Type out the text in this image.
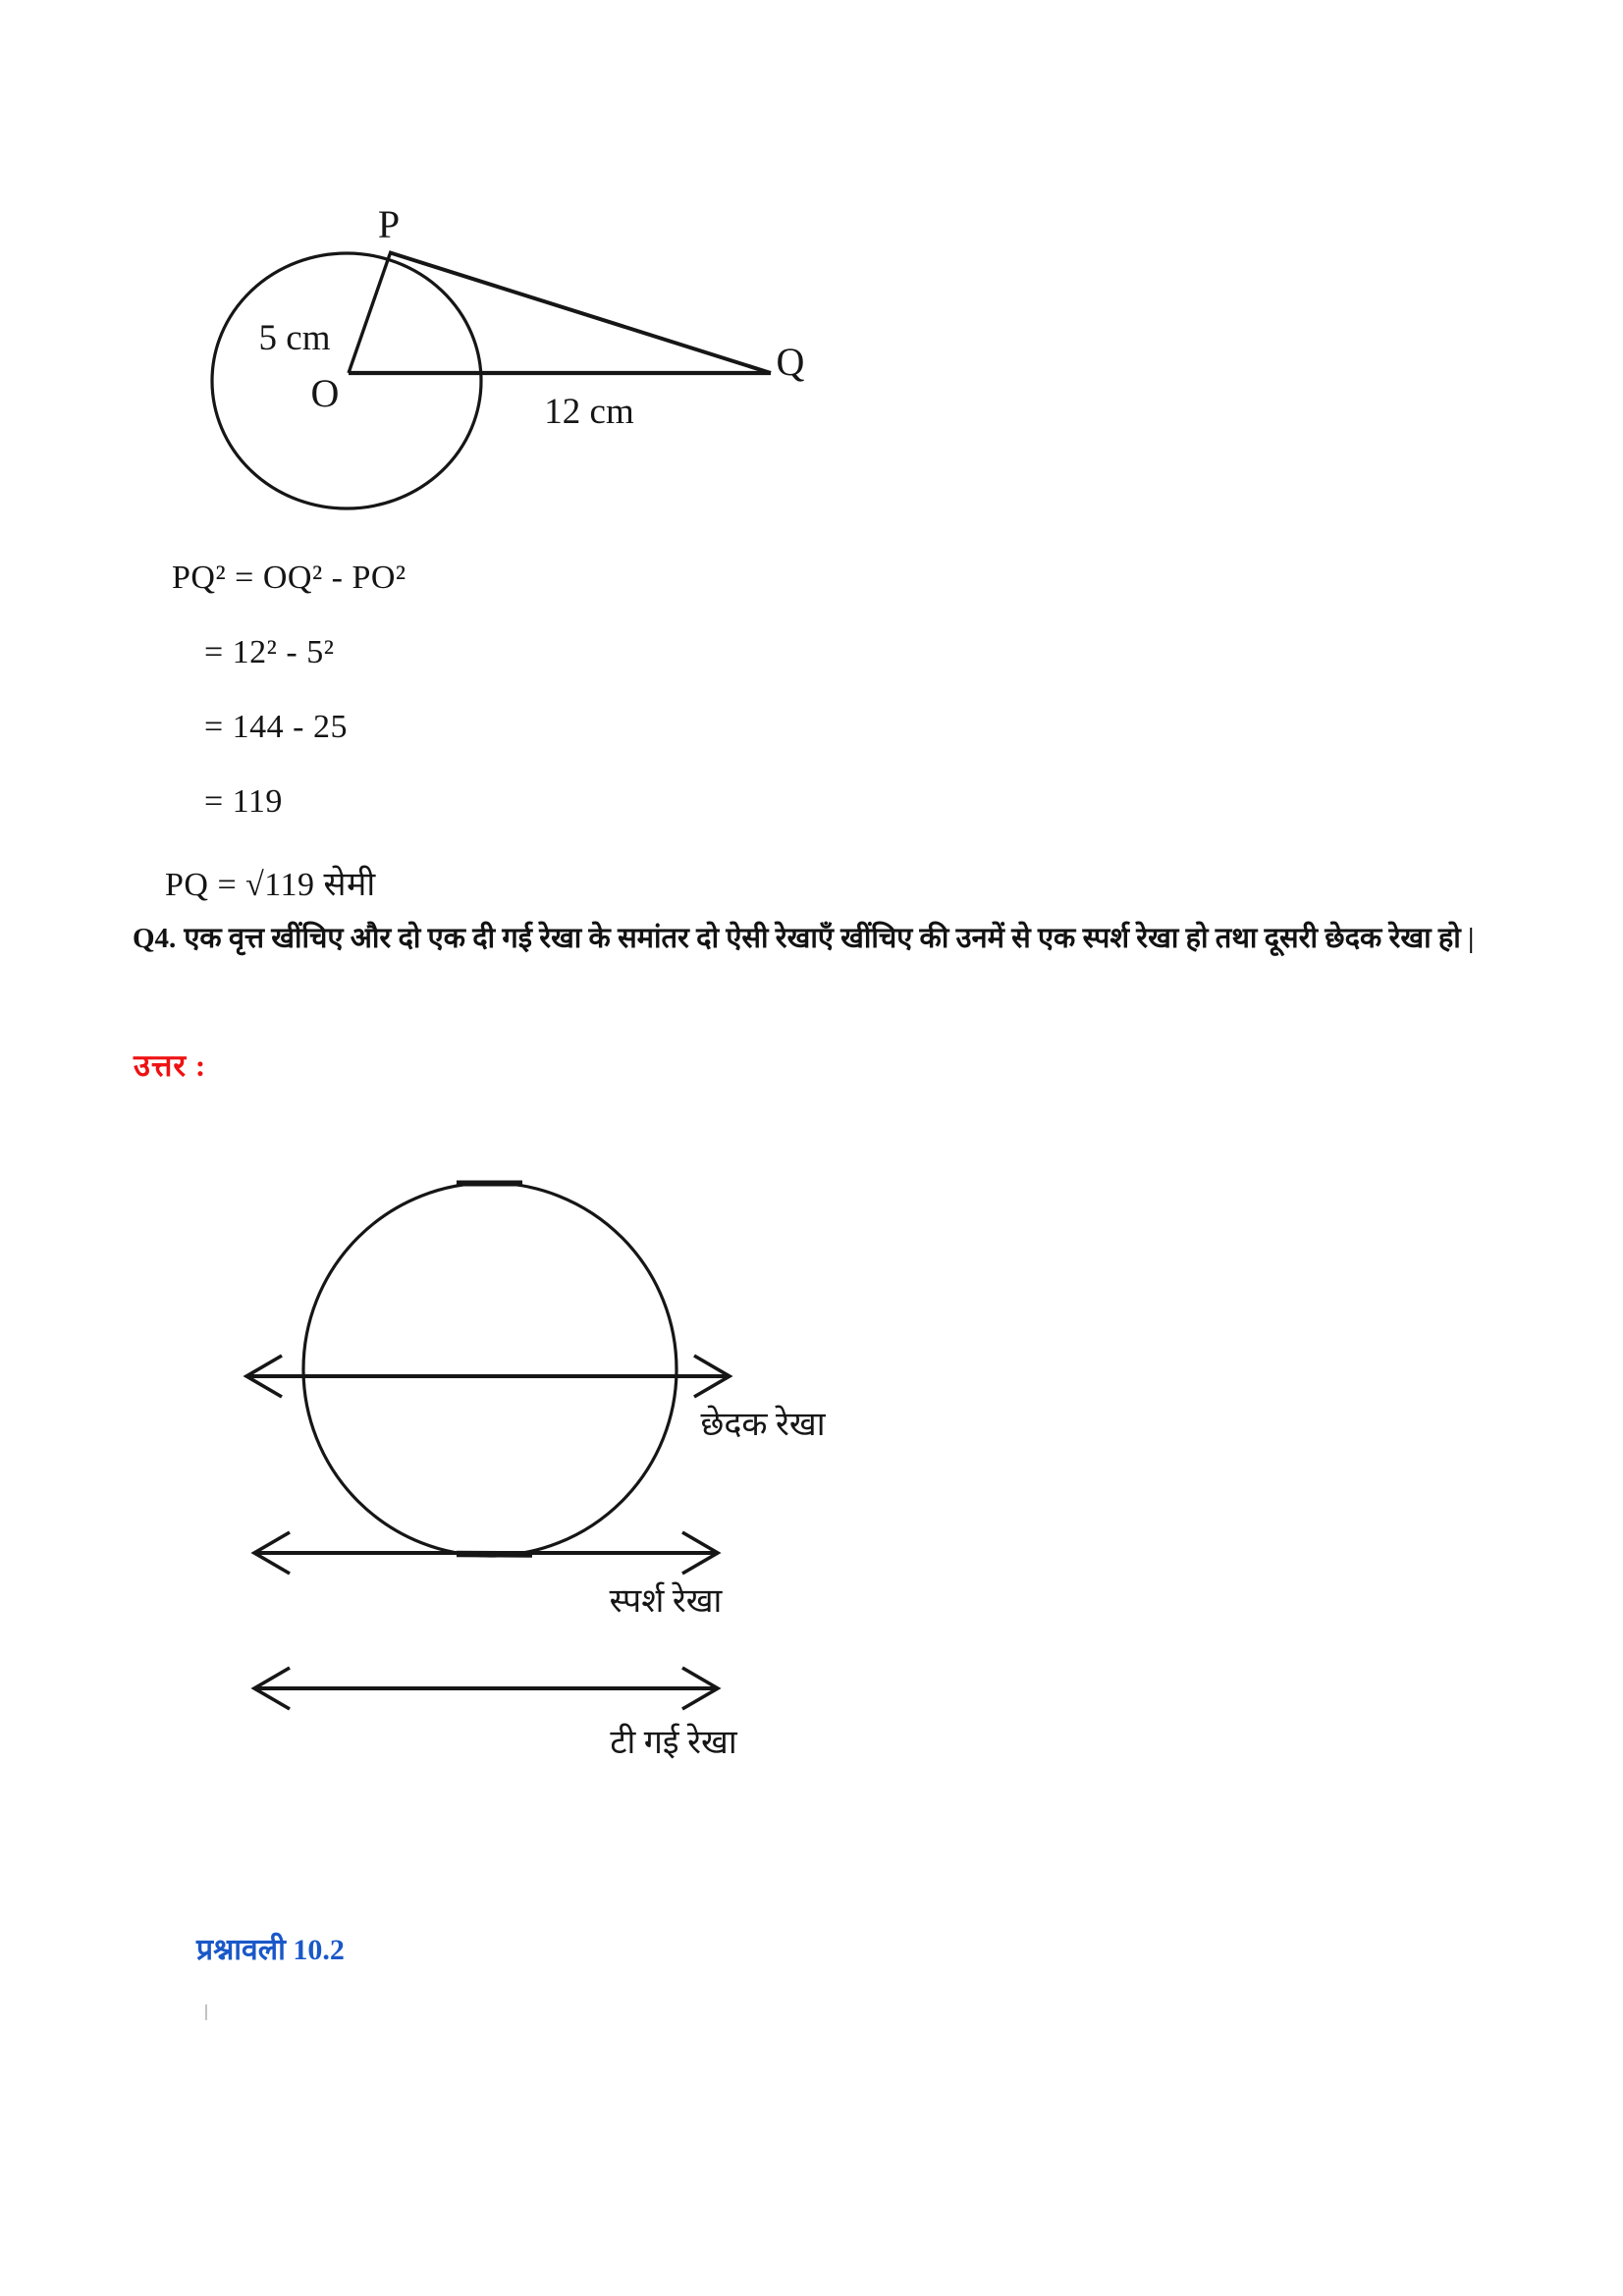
P
O
Q
5 cm
12 cm
PQ² = OQ² - PO²
= 12² - 5²
= 144 - 25
= 119
PQ = √119 सेमी
Q4. एक वृत्त खींचिए और दो एक दी गई रेखा के समांतर दो ऐसी रेखाएँ खींचिए की उनमें से एक स्पर्श रेखा हो तथा दूसरी छेदक रेखा हो |
उत्तर :
छेदक रेखा
स्पर्श रेखा
टी गई रेखा
प्रश्नावली 10.2
